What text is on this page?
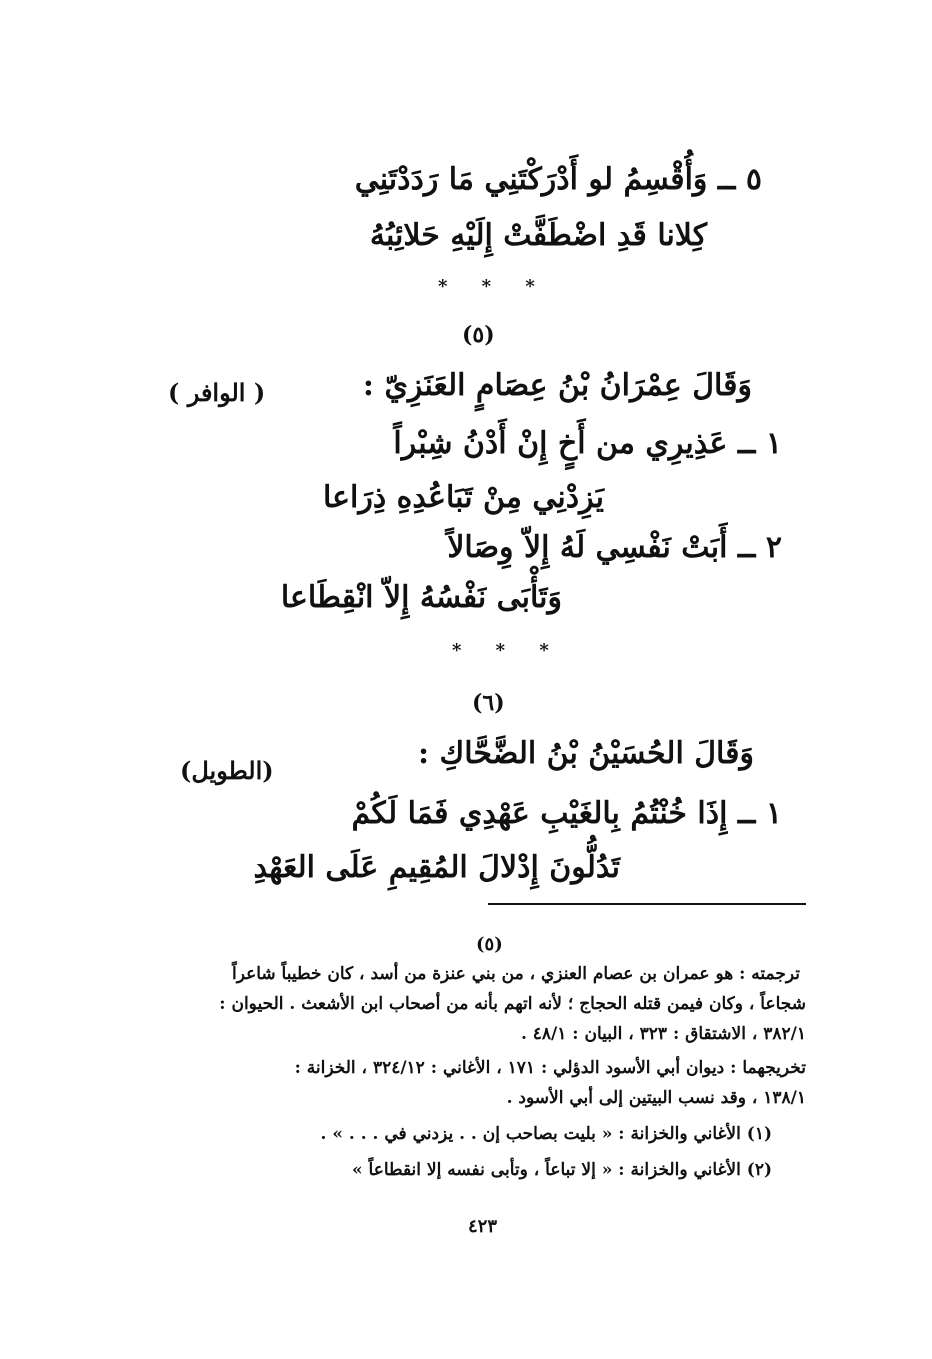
٥ ــ وَأُقْسِمُ لو أَدْرَكْتَنِي مَا رَدَدْتَنِي
كِلانا قَدِ اضْطَفَّتْ إِلَيْهِ حَلائِبُهُ
* * *
(٥)
وَقَالَ عِمْرَانُ بْنُ عِصَامٍ العَنَزِيّ :
( الوافر )
١ ــ عَذِيرِي من أَخٍ إِنْ أَدْنُ شِبْراً
يَزِدْنِي مِنْ تَبَاعُدِهِ ذِرَاعا
٢ ــ أَبَتْ نَفْسِي لَهُ إِلاّ وِصَالاً
وَتَأْبَى نَفْسُهُ إِلاّ انْقِطَاعا
* * *
(٦)
وَقَالَ الحُسَيْنُ بْنُ الضَّحَّاكِ :
(الطويل)
١ ــ إِذَا خُنْتُمُ بِالغَيْبِ عَهْدِي فَمَا لَكُمْ
تَدُلُّونَ إِدْلالَ المُقِيمِ عَلَى العَهْدِ
(٥)
ترجمته : هو عمران بن عصام العنزي ، من بني عنزة من أسد ، كان خطيباً شاعراً
شجاعاً ، وكان فيمن قتله الحجاج ؛ لأنه اتهم بأنه من أصحاب ابن الأشعث . الحيوان :
٣٨٢/١ ، الاشتقاق : ٣٢٣ ، البيان : ٤٨/١ .
تخريجهما : ديوان أبي الأسود الدؤلي : ١٧١ ، الأغاني : ٣٢٤/١٢ ، الخزانة :
١٣٨/١ ، وقد نسب البيتين إلى أبي الأسود .
(١) الأغاني والخزانة : « بليت بصاحب إن . . يزدني في . . . » .
(٢) الأغاني والخزانة : « إلا تباعاً ، وتأبى نفسه إلا انقطاعاً »
٤٢٣
